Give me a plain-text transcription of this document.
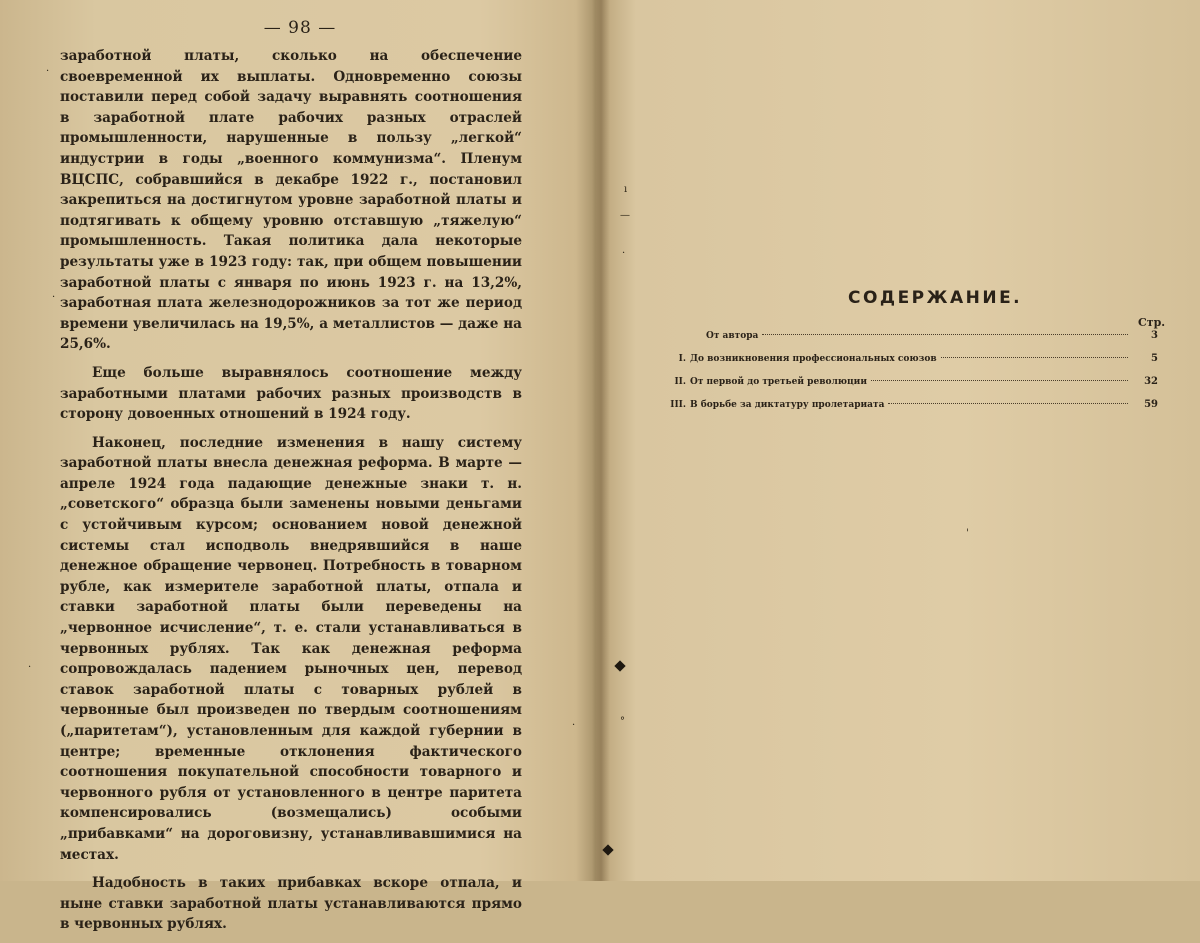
— 98 —

заработной платы, сколько на обеспечение своевременной их выплаты. Одновременно союзы поставили перед собой задачу выравнять соотношения в заработной плате рабочих разных отраслей промышленности, нарушенные в пользу „легкой“ индустрии в годы „военного коммунизма“. Пленум ВЦСПС, собравшийся в декабре 1922 г., постановил закрепиться на достигнутом уровне заработной платы и подтягивать к общему уровню отставшую „тяжелую“ промышленность. Такая политика дала некоторые результаты уже в 1923 году: так, при общем повышении заработной платы с января по июнь 1923 г. на 13,2%, заработная плата железнодорожников за тот же период времени увеличилась на 19,5%, а металлистов — даже на 25,6%.

Еще больше выравнялось соотношение между заработными платами рабочих разных производств в сторону довоенных отношений в 1924 году.

Наконец, последние изменения в нашу систему заработной платы внесла денежная реформа. В марте — апреле 1924 года падающие денежные знаки т. н. „советского“ образца были заменены новыми деньгами с устойчивым курсом; основанием новой денежной системы стал исподволь внедрявшийся в наше денежное обращение червонец. Потребность в товарном рубле, как измерителе заработной платы, отпала и ставки заработной платы были переведены на „червонное исчисление“, т. е. стали устанавливаться в червонных рублях. Так как денежная реформа сопровождалась падением рыночных цен, перевод ставок заработной платы с товарных рублей в червонные был произведен по твердым соотношениям („паритетам“), установленным для каждой губернии в центре; временные отклонения фактического соотношения покупательной способности товарного и червонного рубля от установленного в центре паритета компенсировались (возмещались) особыми „прибавками“ на дороговизну, устанавливавшимися на местах.

Надобность в таких прибавках вскоре отпала, и ныне ставки заработной платы устанавливаются прямо в червонных рублях.

·
·
·
·
СОДЕРЖАНИЕ.
Стр.
От автора	3
I. До возникновения профессиональных союзов	5
II. От первой до третьей революции	32
III. В борьбе за диктатуру пролетариата	59
ı
—
·
'
°
